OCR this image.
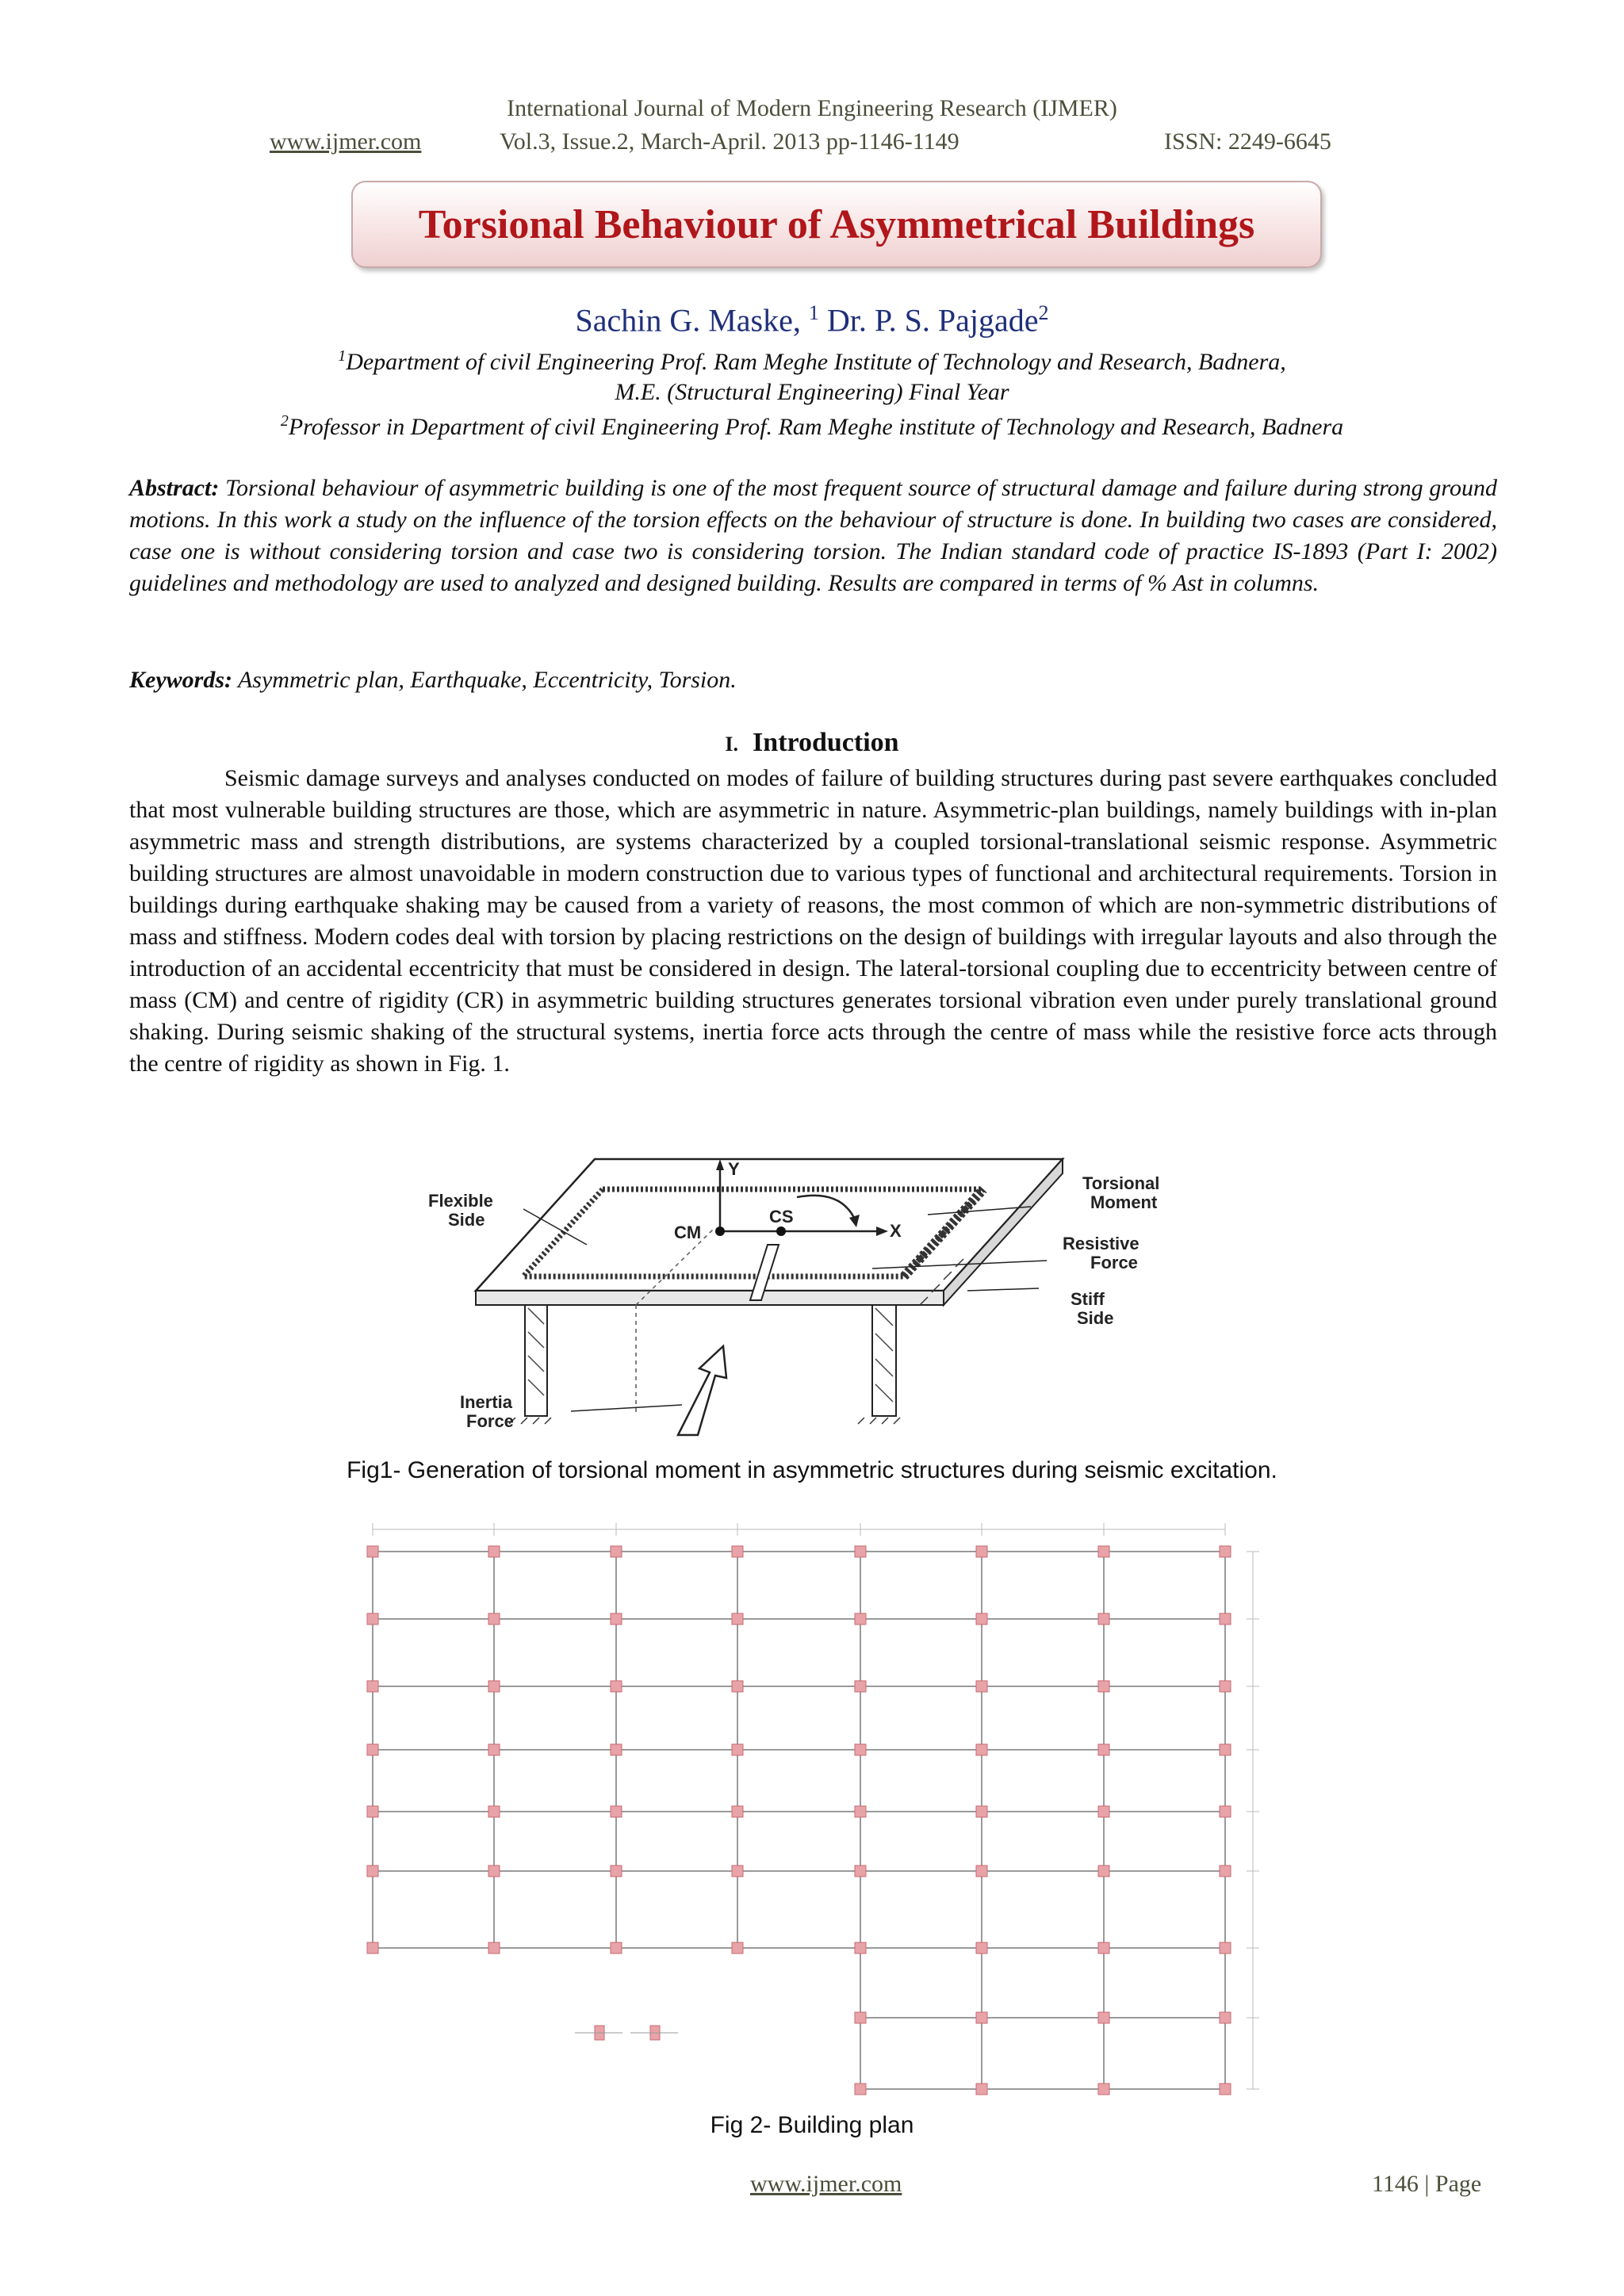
International Journal of Modern Engineering Research (IJMER)
www.ijmer.com	Vol.3, Issue.2, March-April. 2013 pp-1146-1149	ISSN: 2249-6645
Torsional Behaviour of Asymmetrical Buildings
Sachin G. Maske, $^1$ Dr. P. S. Pajgade$^2$
$^1$Department of civil Engineering Prof. Ram Meghe Institute of Technology and Research, Badnera,
M.E. (Structural Engineering) Final Year
$^2$Professor in Department of civil Engineering Prof. Ram Meghe institute of Technology and Research, Badnera
Abstract: Torsional behaviour of asymmetric building is one of the most frequent source of structural damage and failure during strong ground motions. In this work a study on the influence of the torsion effects on the behaviour of structure is done. In building two cases are considered, case one is without considering torsion and case two is considering torsion. The Indian standard code of practice IS-1893 (Part I: 2002) guidelines and methodology are used to analyzed and designed building. Results are compared in terms of % Ast in columns.
Keywords: Asymmetric plan, Earthquake, Eccentricity, Torsion.
I. Introduction
Seismic damage surveys and analyses conducted on modes of failure of building structures during past severe earthquakes concluded that most vulnerable building structures are those, which are asymmetric in nature. Asymmetric-plan buildings, namely buildings with in-plan asymmetric mass and strength distributions, are systems characterized by a coupled torsional-translational seismic response. Asymmetric building structures are almost unavoidable in modern construction due to various types of functional and architectural requirements. Torsion in buildings during earthquake shaking may be caused from a variety of reasons, the most common of which are non-symmetric distributions of mass and stiffness. Modern codes deal with torsion by placing restrictions on the design of buildings with irregular layouts and also through the introduction of an accidental eccentricity that must be considered in design. The lateral-torsional coupling due to eccentricity between centre of mass (CM) and centre of rigidity (CR) in asymmetric building structures generates torsional vibration even under purely translational ground shaking. During seismic shaking of the structural systems, inertia force acts through the centre of mass while the resistive force acts through the centre of rigidity as shown in Fig. 1.
Y
X
CM
CS
Flexible
Side
Torsional
Moment
Resistive
Force
Stiff
Side
Inertia
Force
Fig1- Generation of torsional moment in asymmetric structures during seismic excitation.
Fig 2- Building plan
www.ijmer.com	1146 | Page
